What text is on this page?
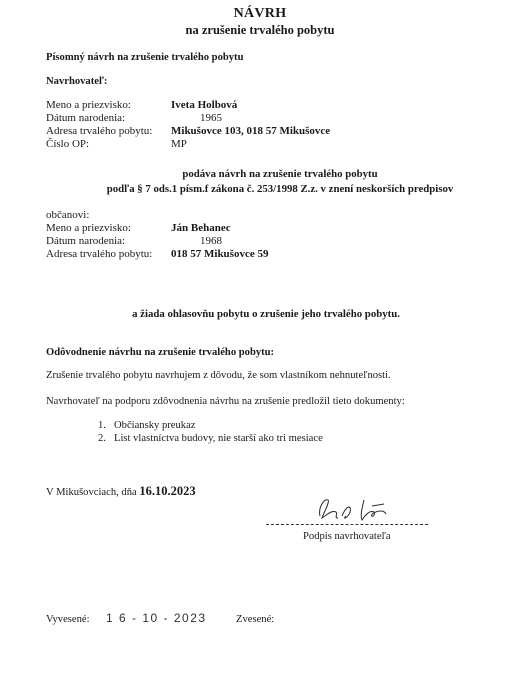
NÁVRH
na zrušenie trvalého pobytu
Písomný návrh na zrušenie trvalého pobytu
Navrhovateľ:
Meno a priezvisko:	Iveta Holbová
Dátum narodenia:	1965
Adresa trvalého pobytu: Mikušovce 103, 018 57 Mikušovce
Číslo OP:	MP
podáva návrh na zrušenie trvalého pobytu
podľa § 7 ods.1 písm.f zákona č. 253/1998 Z.z. v znení neskorších predpisov
občanovi:
Meno a priezvisko:	Ján Behanec
Dátum narodenia:	1968
Adresa trvalého pobytu: 018 57 Mikušovce 59
a žiada ohlasovňu pobytu o zrušenie jeho trvalého pobytu.
Odôvodnenie návrhu na zrušenie trvalého pobytu:
Zrušenie trvalého pobytu navrhujem z dôvodu, že som vlastníkom nehnuteľnosti.
Navrhovateľ na podporu zdôvodnenia návrhu na zrušenie predložil tieto dokumenty:
1. Občiansky preukaz
2. List vlastníctva budovy, nie starší ako tri mesiace
V Mikušovciach, dňa 16.10.2023
Podpis navrhovateľa
Vyvesené: 1 6 - 10 - 2023	Zvesené:
